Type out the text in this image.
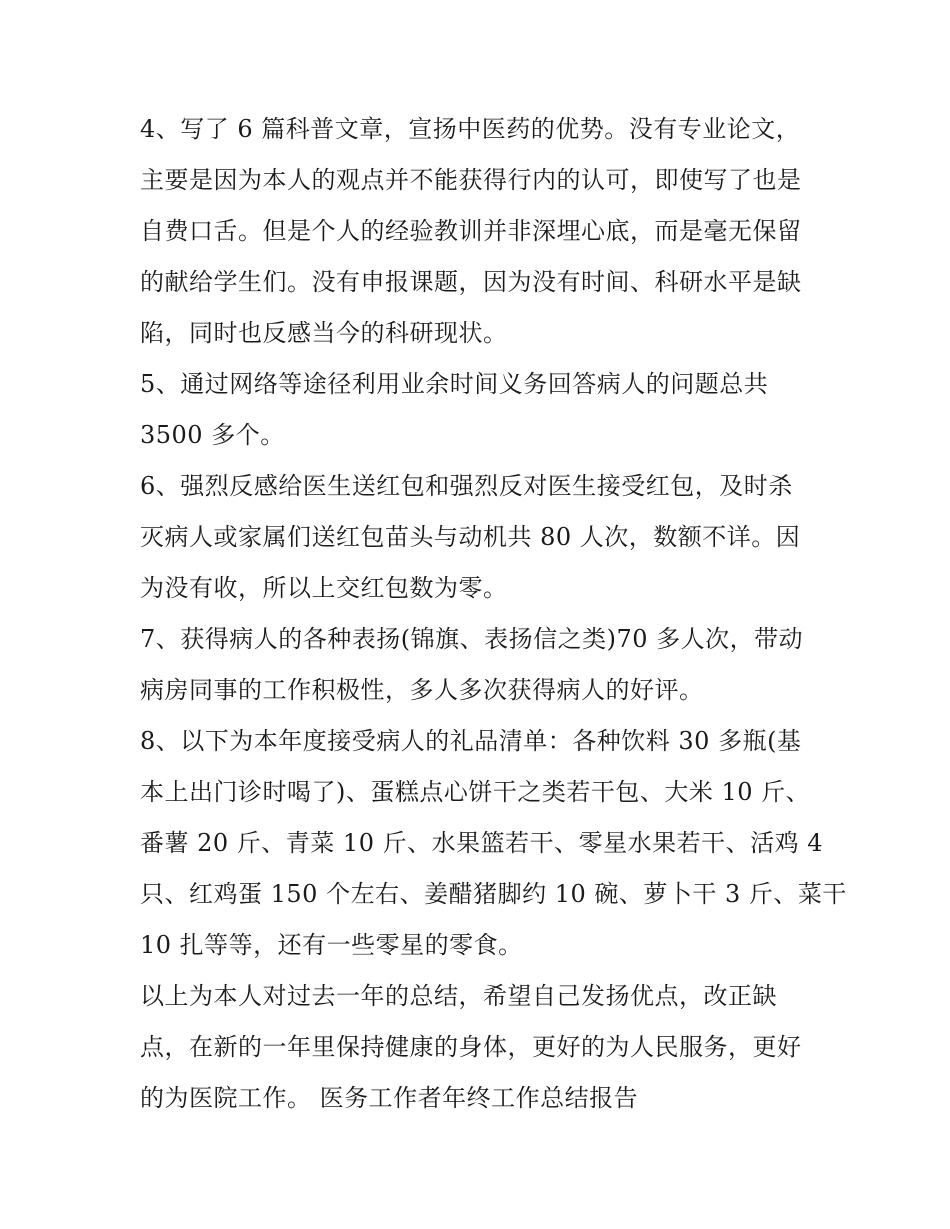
4、写了 6 篇科普文章，宣扬中医药的优势。没有专业论文，
主要是因为本人的观点并不能获得行内的认可，即使写了也是
自费口舌。但是个人的经验教训并非深埋心底，而是毫无保留
的献给学生们。没有申报课题，因为没有时间、科研水平是缺
陷，同时也反感当今的科研现状。
5、通过网络等途径利用业余时间义务回答病人的问题总共
3500 多个。
6、强烈反感给医生送红包和强烈反对医生接受红包，及时杀
灭病人或家属们送红包苗头与动机共 80 人次，数额不详。因
为没有收，所以上交红包数为零。
7、获得病人的各种表扬(锦旗、表扬信之类)70 多人次，带动
病房同事的工作积极性，多人多次获得病人的好评。
8、以下为本年度接受病人的礼品清单：各种饮料 30 多瓶(基
本上出门诊时喝了)、蛋糕点心饼干之类若干包、大米 10 斤、
番薯 20 斤、青菜 10 斤、水果篮若干、零星水果若干、活鸡 4
只、红鸡蛋 150 个左右、姜醋猪脚约 10 碗、萝卜干 3 斤、菜干
10 扎等等，还有一些零星的零食。
以上为本人对过去一年的总结，希望自己发扬优点，改正缺
点，在新的一年里保持健康的身体，更好的为人民服务，更好
的为医院工作。 医务工作者年终工作总结报告
